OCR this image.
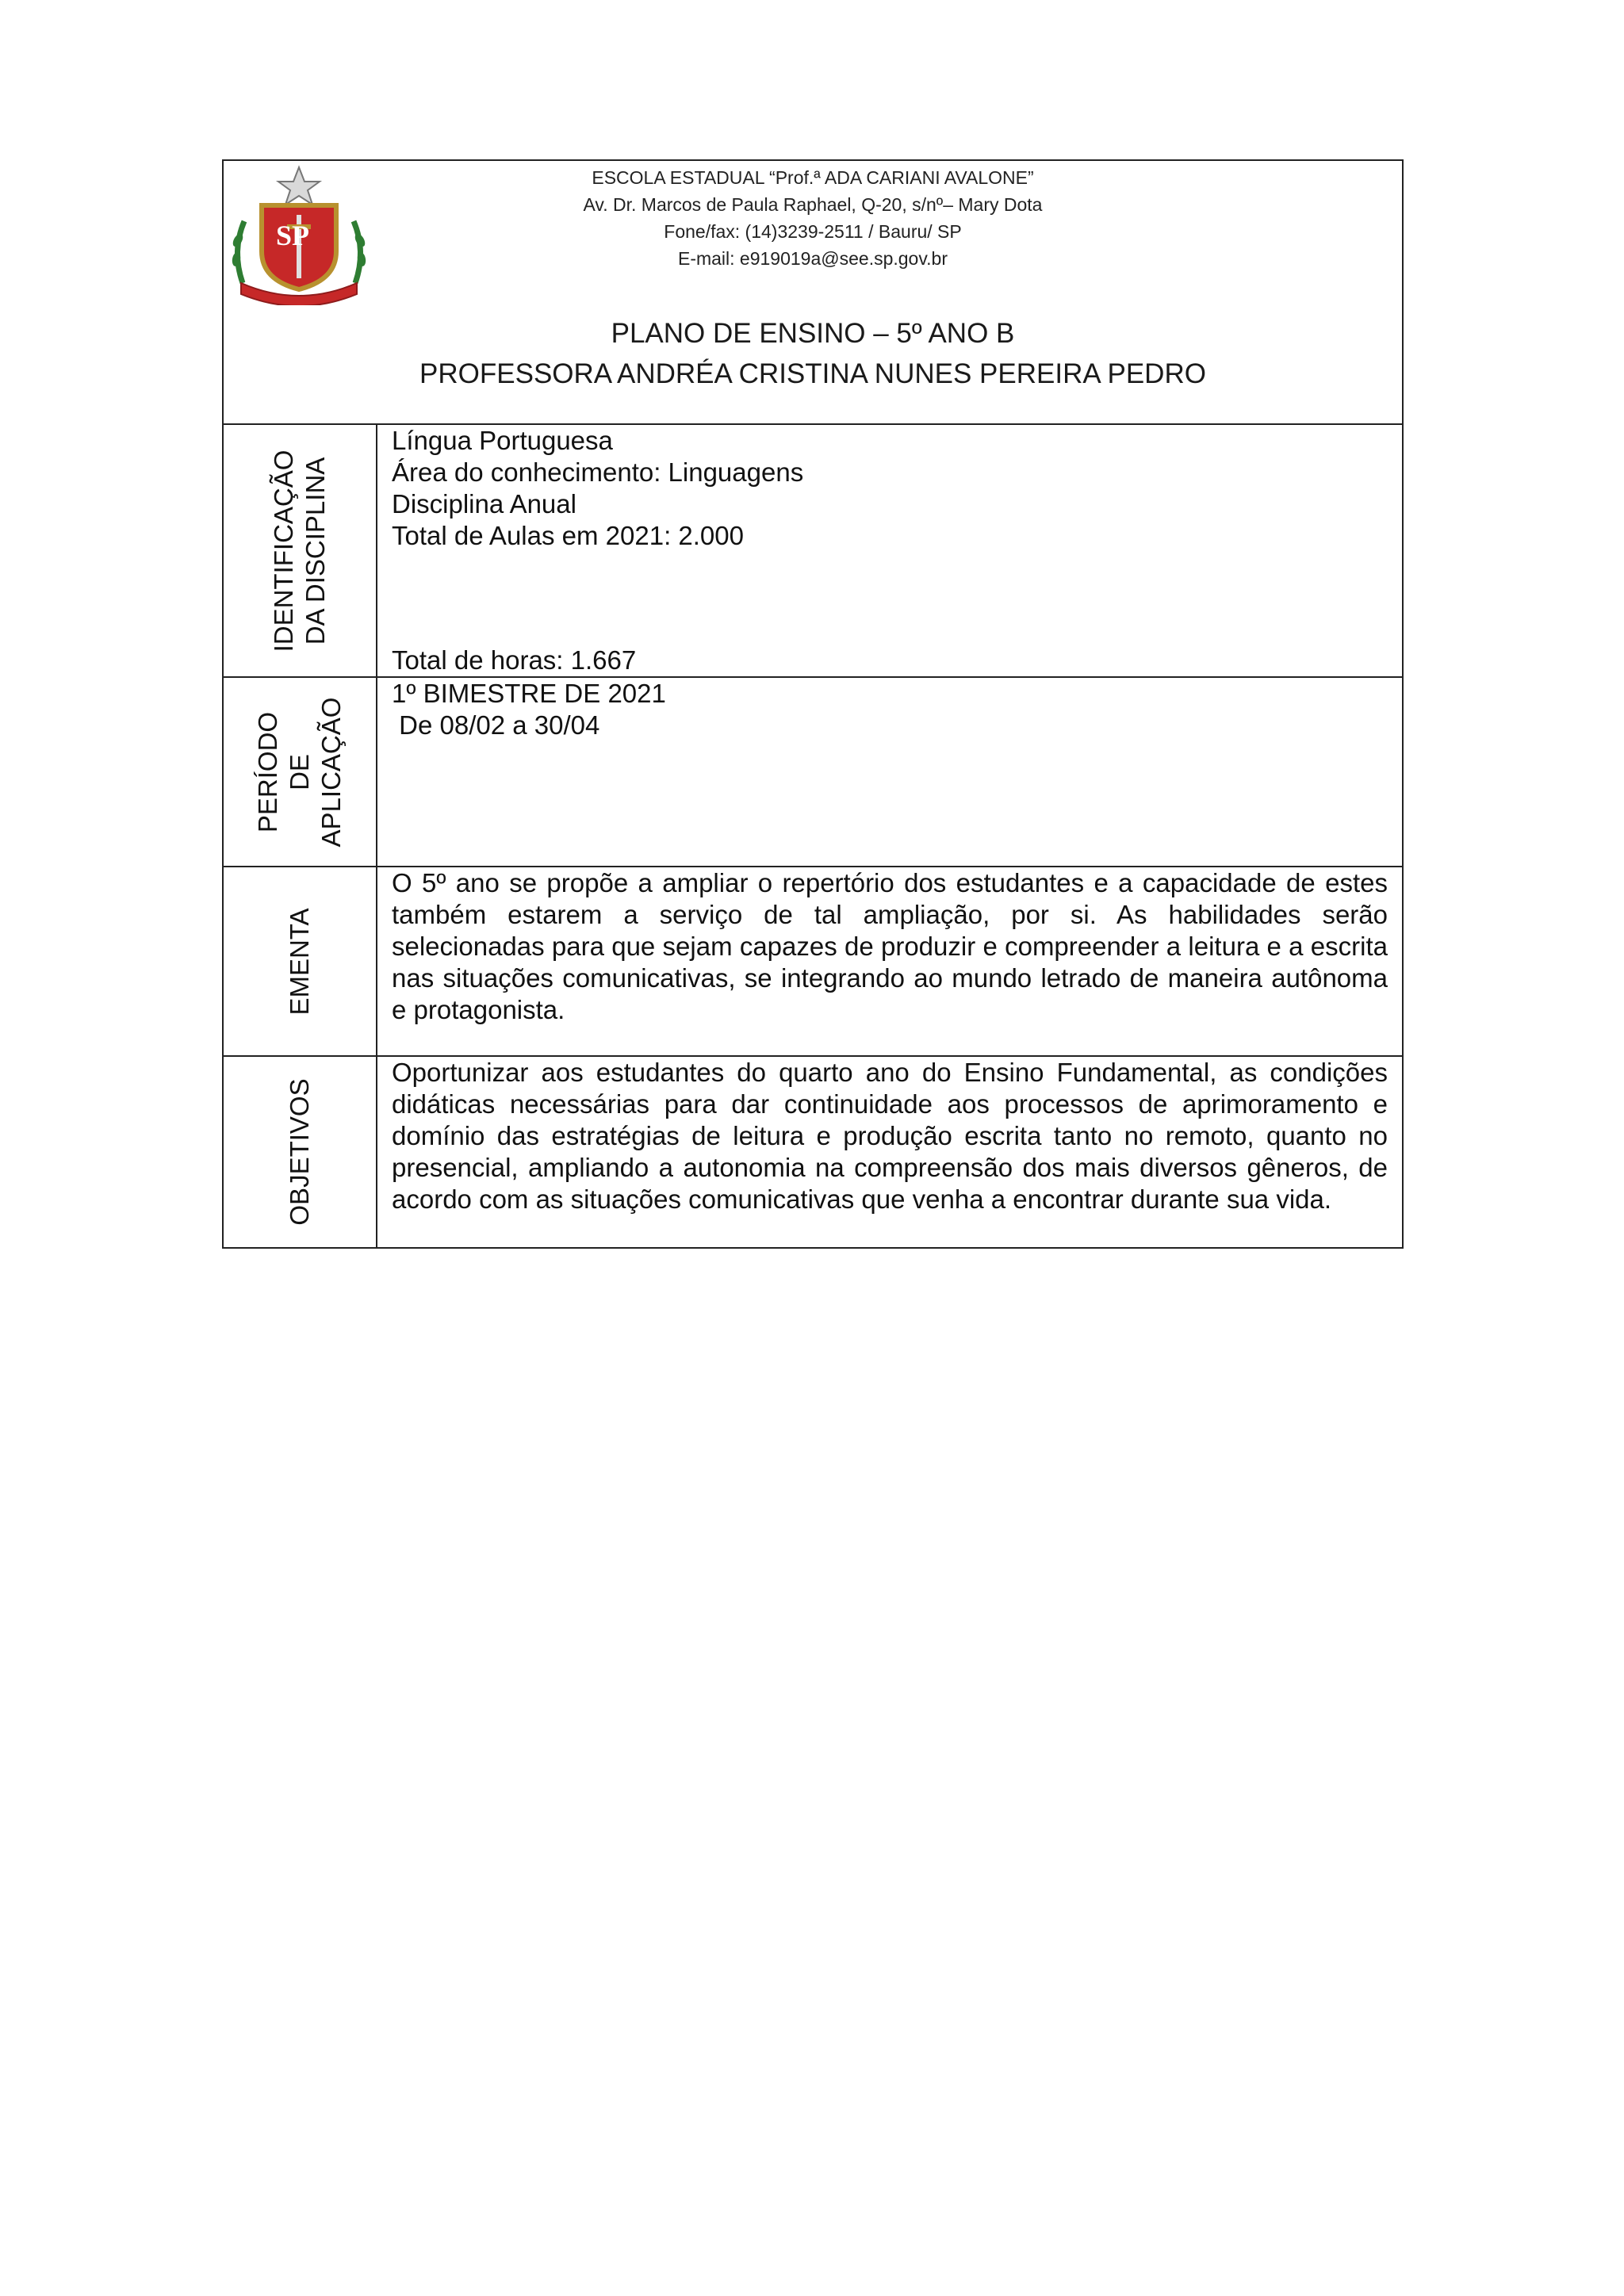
SP
ESCOLA ESTADUAL “Prof.ª ADA CARIANI AVALONE”
Av. Dr. Marcos de Paula Raphael, Q-20, s/nº– Mary Dota
Fone/fax: (14)3239-2511 / Bauru/ SP
E-mail: e919019a@see.sp.gov.br
PLANO DE ENSINO – 5º ANO B
PROFESSORA ANDRÉA CRISTINA NUNES PEREIRA PEDRO
IDENTIFICAÇÃO DA DISCIPLINA
Língua Portuguesa
Área do conhecimento: Linguagens
Disciplina Anual
Total de Aulas em 2021: 2.000
Total de horas: 1.667
PERÍODO DE APLICAÇÃO
1º BIMESTRE DE 2021
De 08/02 a 30/04
EMENTA

O 5º ano se propõe a ampliar o repertório dos estudantes e a capacidade de estes também estarem a serviço de tal ampliação, por si. As habilidades serão selecionadas para que sejam capazes de produzir e compreender a leitura e a escrita nas situações comunicativas, se integrando ao mundo letrado de maneira autônoma e protagonista.

OBJETIVOS

Oportunizar aos estudantes do quarto ano do Ensino Fundamental, as condições didáticas necessárias para dar continuidade aos processos de aprimoramento e domínio das estratégias de leitura e produção escrita tanto no remoto, quanto no presencial, ampliando a autonomia na compreensão dos mais diversos gêneros, de acordo com as situações comunicativas que venha a encontrar durante sua vida.
